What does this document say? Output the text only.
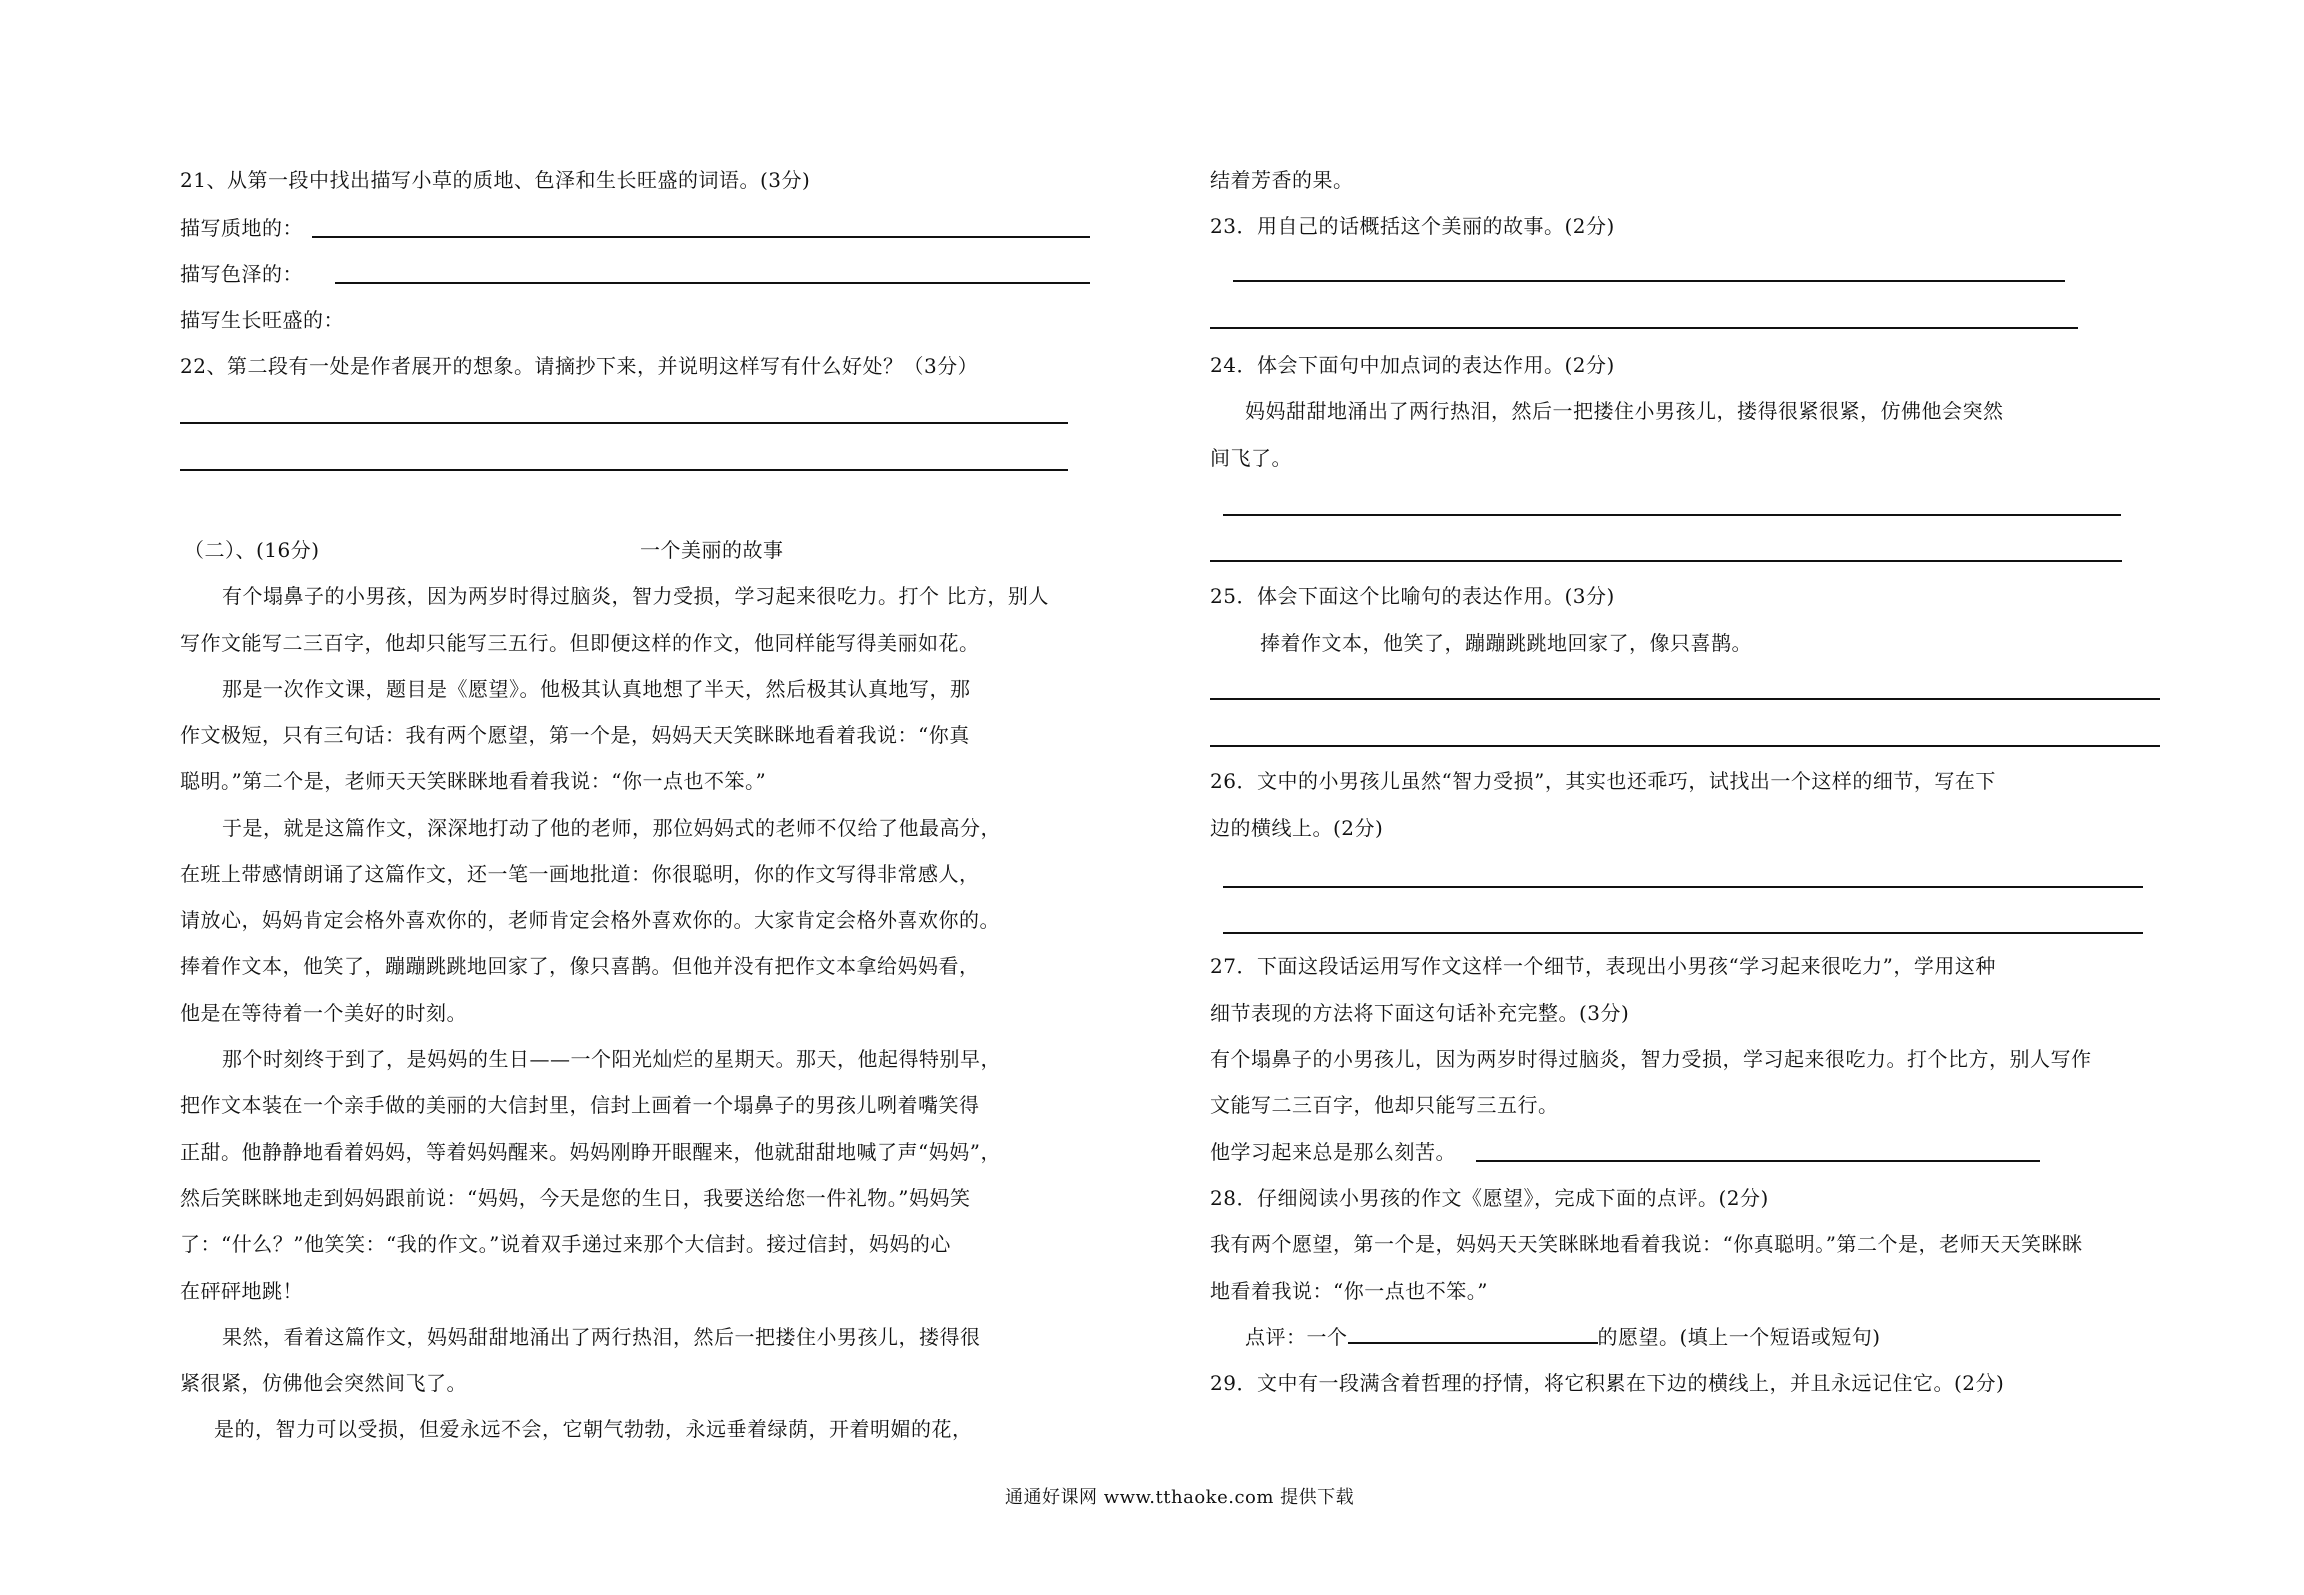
21、从第一段中找出描写小草的质地、色泽和生长旺盛的词语。(3分)
描写质地的：
描写色泽的：
描写生长旺盛的：
22、第二段有一处是作者展开的想象。请摘抄下来，并说明这样写有什么好处？（3分）
（二）、(16分)	一个美丽的故事
有个塌鼻子的小男孩，因为两岁时得过脑炎，智力受损，学习起来很吃力。打个 比方，别人
写作文能写二三百字，他却只能写三五行。但即便这样的作文，他同样能写得美丽如花。
那是一次作文课，题目是《愿望》。他极其认真地想了半天，然后极其认真地写，那
作文极短，只有三句话：我有两个愿望，第一个是，妈妈天天笑眯眯地看着我说：“你真
聪明。”第二个是，老师天天笑眯眯地看着我说：“你一点也不笨。”
于是，就是这篇作文，深深地打动了他的老师，那位妈妈式的老师不仅给了他最高分，
在班上带感情朗诵了这篇作文，还一笔一画地批道：你很聪明，你的作文写得非常感人，
请放心，妈妈肯定会格外喜欢你的，老师肯定会格外喜欢你的。大家肯定会格外喜欢你的。
捧着作文本，他笑了，蹦蹦跳跳地回家了，像只喜鹊。但他并没有把作文本拿给妈妈看，
他是在等待着一个美好的时刻。
那个时刻终于到了，是妈妈的生日——一个阳光灿烂的星期天。那天，他起得特别早，
把作文本装在一个亲手做的美丽的大信封里，信封上画着一个塌鼻子的男孩儿咧着嘴笑得
正甜。他静静地看着妈妈，等着妈妈醒来。妈妈刚睁开眼醒来，他就甜甜地喊了声“妈妈”，
然后笑眯眯地走到妈妈跟前说：“妈妈，今天是您的生日，我要送给您一件礼物。”妈妈笑
了：“什么？”他笑笑：“我的作文。”说着双手递过来那个大信封。接过信封，妈妈的心
在砰砰地跳！
果然，看着这篇作文，妈妈甜甜地涌出了两行热泪，然后一把搂住小男孩儿，搂得很
紧很紧，仿佛他会突然间飞了。
是的，智力可以受损，但爱永远不会，它朝气勃勃，永远垂着绿荫，开着明媚的花，
结着芳香的果。
23．用自己的话概括这个美丽的故事。(2分)
24．体会下面句中加点词的表达作用。(2分)
妈妈甜甜地涌出了两行热泪，然后一把搂住小男孩儿，搂得很紧很紧，仿佛他会突然
间飞了。
25．体会下面这个比喻句的表达作用。(3分)
捧着作文本，他笑了，蹦蹦跳跳地回家了，像只喜鹊。
26．文中的小男孩儿虽然“智力受损”，其实也还乖巧，试找出一个这样的细节，写在下
边的横线上。(2分)
27．下面这段话运用写作文这样一个细节，表现出小男孩“学习起来很吃力”，学用这种
细节表现的方法将下面这句话补充完整。(3分)
有个塌鼻子的小男孩儿，因为两岁时得过脑炎，智力受损，学习起来很吃力。打个比方，别人写作
文能写二三百字，他却只能写三五行。
他学习起来总是那么刻苦。
28．仔细阅读小男孩的作文《愿望》，完成下面的点评。(2分)
我有两个愿望，第一个是，妈妈天天笑眯眯地看着我说：“你真聪明。”第二个是，老师天天笑眯眯
地看着我说：“你一点也不笨。”
点评：一个	的愿望。(填上一个短语或短句)
29．文中有一段满含着哲理的抒情，将它积累在下边的横线上，并且永远记住它。(2分)
通通好课网 www.tthaoke.com 提供下载
